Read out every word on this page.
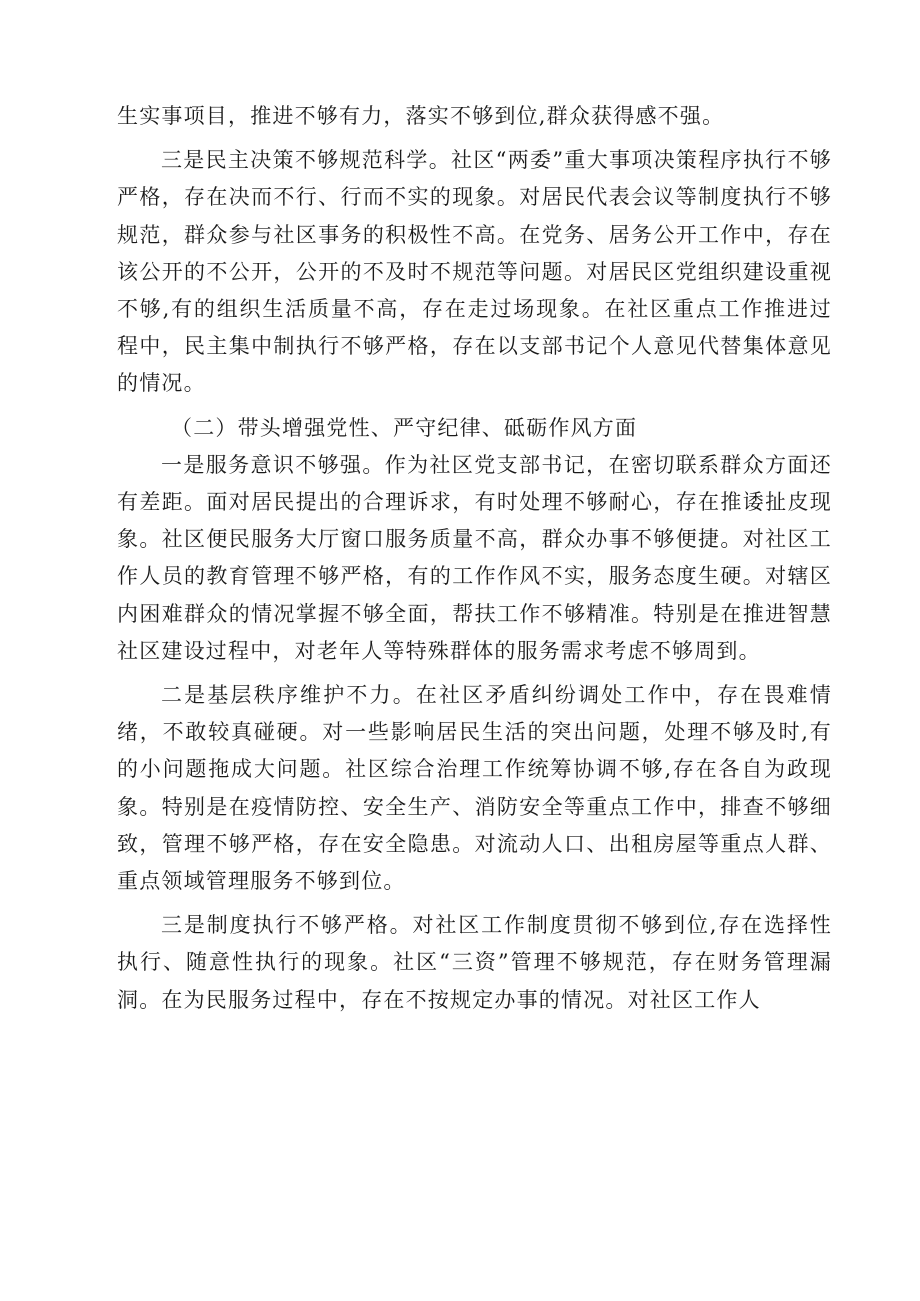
生实事项目，推进不够有力，落实不够到位,群众获得感不强。

三是民主决策不够规范科学。社区“两委”重大事项决策程序执行不够严格，存在决而不行、行而不实的现象。对居民代表会议等制度执行不够规范，群众参与社区事务的积极性不高。在党务、居务公开工作中，存在该公开的不公开，公开的不及时不规范等问题。对居民区党组织建设重视不够,有的组织生活质量不高，存在走过场现象。在社区重点工作推进过程中，民主集中制执行不够严格，存在以支部书记个人意见代替集体意见的情况。

（二）带头增强党性、严守纪律、砥砺作风方面

一是服务意识不够强。作为社区党支部书记，在密切联系群众方面还有差距。面对居民提出的合理诉求，有时处理不够耐心，存在推诿扯皮现象。社区便民服务大厅窗口服务质量不高，群众办事不够便捷。对社区工作人员的教育管理不够严格，有的工作作风不实，服务态度生硬。对辖区内困难群众的情况掌握不够全面，帮扶工作不够精准。特别是在推进智慧社区建设过程中，对老年人等特殊群体的服务需求考虑不够周到。

二是基层秩序维护不力。在社区矛盾纠纷调处工作中，存在畏难情绪，不敢较真碰硬。对一些影响居民生活的突出问题，处理不够及时,有的小问题拖成大问题。社区综合治理工作统筹协调不够,存在各自为政现象。特别是在疫情防控、安全生产、消防安全等重点工作中，排查不够细致，管理不够严格，存在安全隐患。对流动人口、出租房屋等重点人群、重点领域管理服务不够到位。

三是制度执行不够严格。对社区工作制度贯彻不够到位,存在选择性执行、随意性执行的现象。社区“三资”管理不够规范，存在财务管理漏洞。在为民服务过程中，存在不按规定办事的情况。对社区工作人
